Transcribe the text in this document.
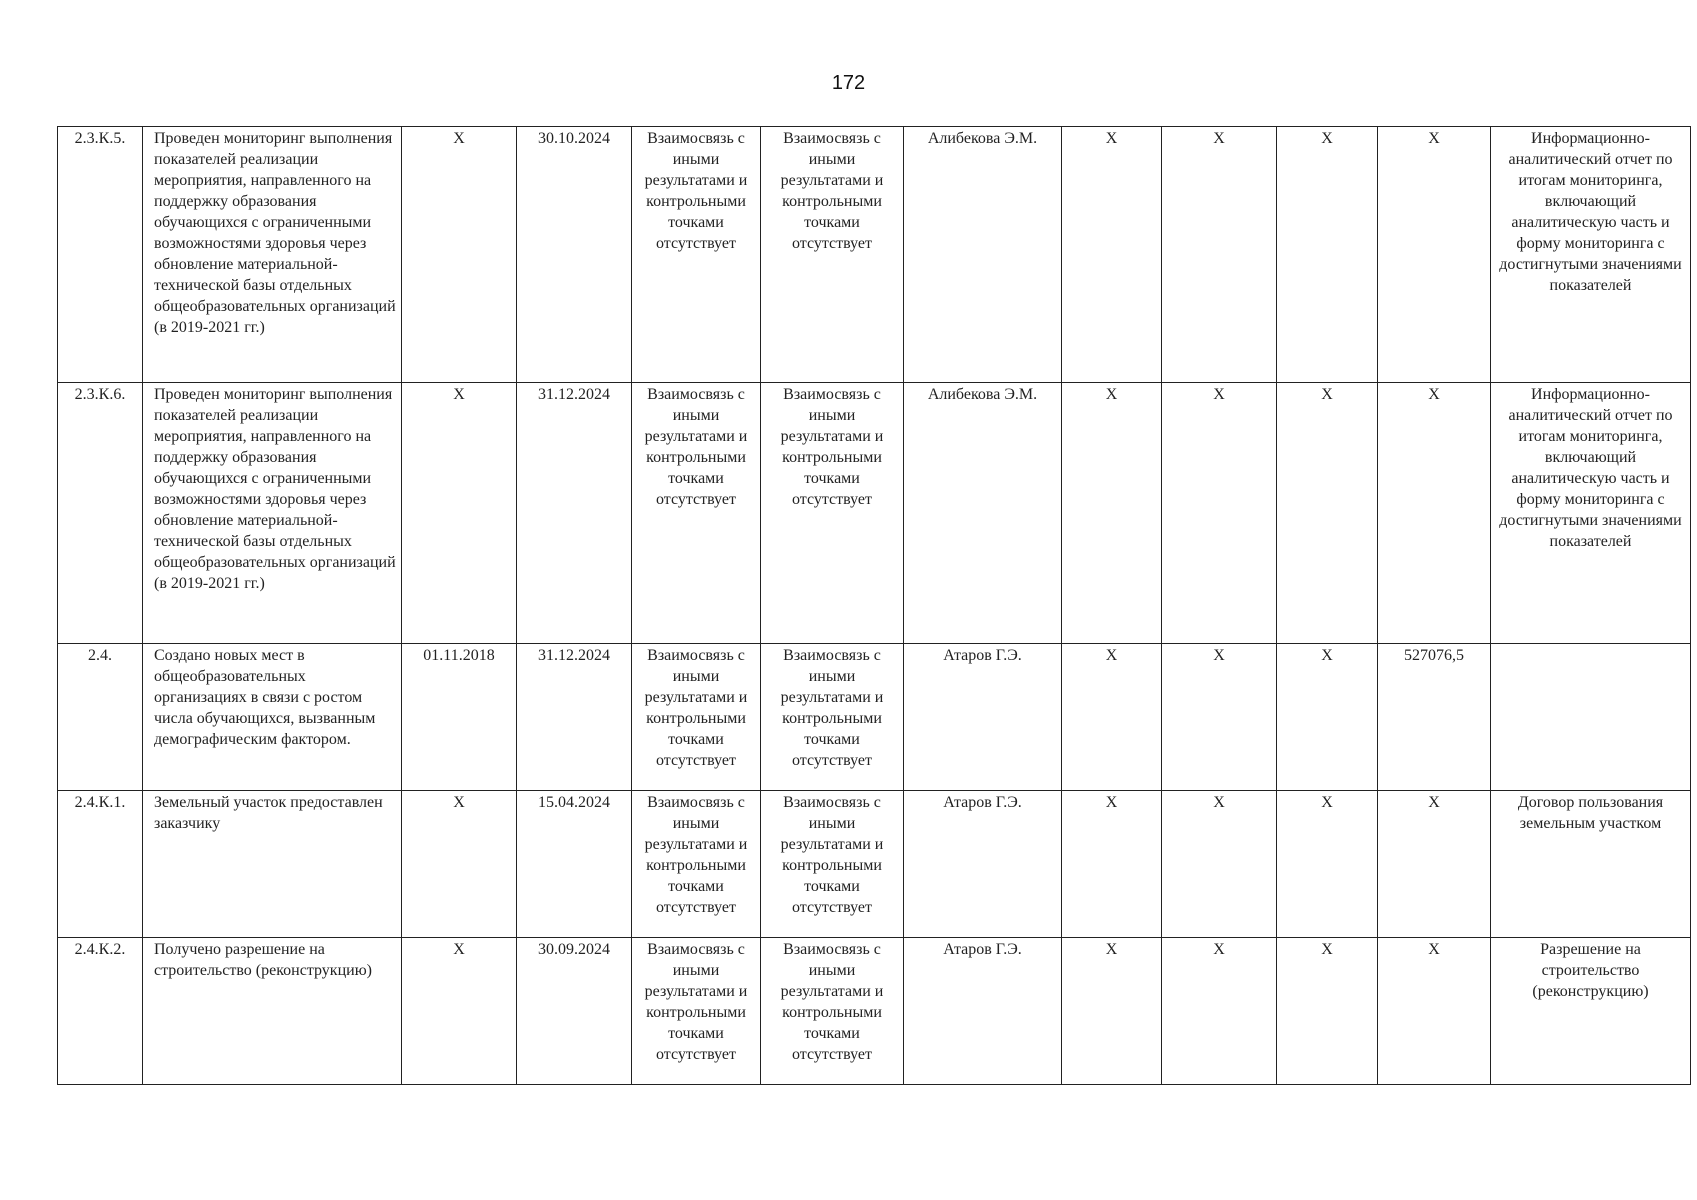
172
2.3.К.5.	Проведен мониторинг выполнения показателей реализации мероприятия, направленного на поддержку образования обучающихся с ограниченными возможностями здоровья через обновление материальной-технической базы отдельных общеобразовательных организаций (в 2019-2021 гг.)	X	30.10.2024	Взаимосвязь с иными результатами и контрольными точками отсутствует	Взаимосвязь с иными результатами и контрольными точками отсутствует	Алибекова Э.М.	X	X	X	X	Информационно-аналитический отчет по итогам мониторинга, включающий аналитическую часть и форму мониторинга с достигнутыми значениями показателей
2.3.К.6.	Проведен мониторинг выполнения показателей реализации мероприятия, направленного на поддержку образования обучающихся с ограниченными возможностями здоровья через обновление материальной-технической базы отдельных общеобразовательных организаций (в 2019-2021 гг.)	X	31.12.2024	Взаимосвязь с иными результатами и контрольными точками отсутствует	Взаимосвязь с иными результатами и контрольными точками отсутствует	Алибекова Э.М.	X	X	X	X	Информационно-аналитический отчет по итогам мониторинга, включающий аналитическую часть и форму мониторинга с достигнутыми значениями показателей
2.4.	Создано новых мест в общеобразовательных организациях в связи с ростом числа обучающихся, вызванным демографическим фактором.	01.11.2018	31.12.2024	Взаимосвязь с иными результатами и контрольными точками отсутствует	Взаимосвязь с иными результатами и контрольными точками отсутствует	Атаров Г.Э.	X	X	X	527076,5	
2.4.К.1.	Земельный участок предоставлен заказчику	X	15.04.2024	Взаимосвязь с иными результатами и контрольными точками отсутствует	Взаимосвязь с иными результатами и контрольными точками отсутствует	Атаров Г.Э.	X	X	X	X	Договор пользования земельным участком
2.4.К.2.	Получено разрешение на строительство (реконструкцию)	X	30.09.2024	Взаимосвязь с иными результатами и контрольными точками отсутствует	Взаимосвязь с иными результатами и контрольными точками отсутствует	Атаров Г.Э.	X	X	X	X	Разрешение на строительство (реконструкцию)
